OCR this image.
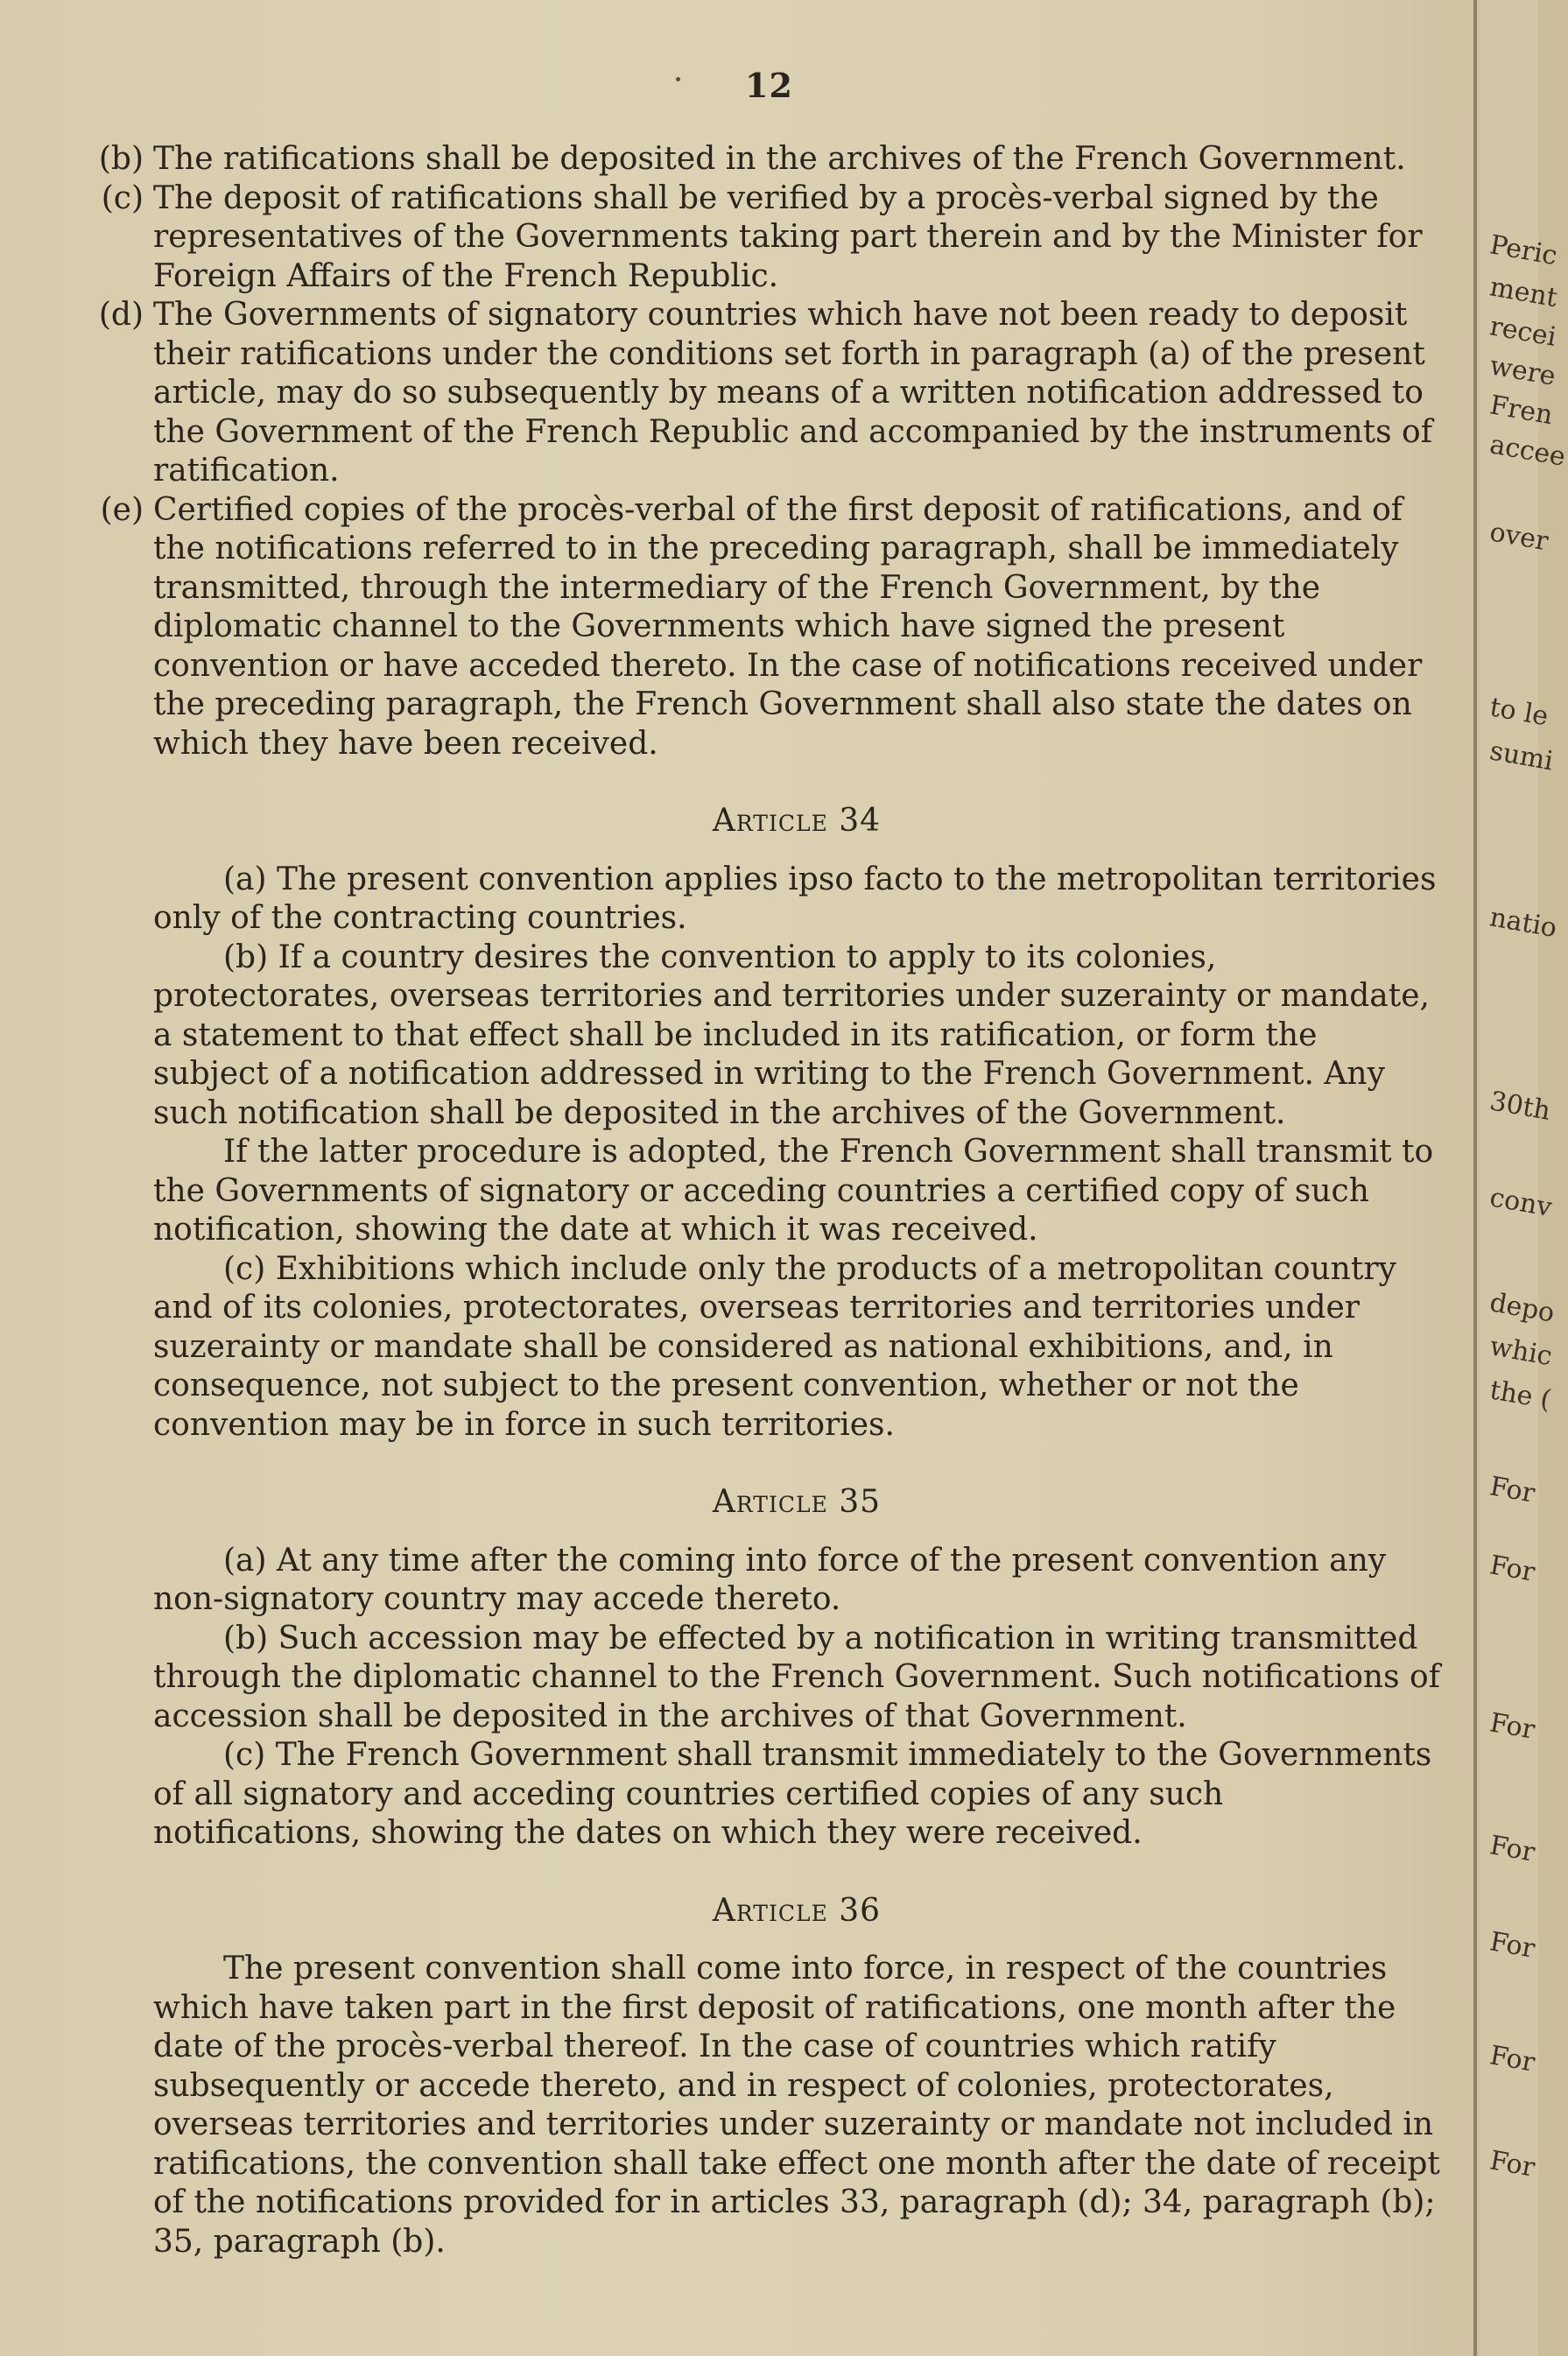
12

(b) The ratifications shall be deposited in the archives of the French Government.

(c) The deposit of ratifications shall be verified by a procès-verbal signed by the representatives of the Governments taking part therein and by the Minister for Foreign Affairs of the French Republic.

(d) The Governments of signatory countries which have not been ready to deposit their ratifications under the conditions set forth in paragraph (a) of the present article, may do so subsequently by means of a written notification addressed to the Government of the French Republic and accompanied by the instruments of ratification.

(e) Certified copies of the procès-verbal of the first deposit of ratifications, and of the notifications referred to in the preceding paragraph, shall be immediately transmitted, through the intermediary of the French Government, by the diplomatic channel to the Governments which have signed the present convention or have acceded thereto. In the case of notifications received under the preceding paragraph, the French Government shall also state the dates on which they have been received.

Article 34

(a) The present convention applies ipso facto to the metropolitan territories only of the contracting countries.

(b) If a country desires the convention to apply to its colonies, protectorates, overseas territories and territories under suzerainty or mandate, a statement to that effect shall be included in its ratification, or form the subject of a notification addressed in writing to the French Government. Any such notification shall be deposited in the archives of the Government.

If the latter procedure is adopted, the French Government shall transmit to the Governments of signatory or acceding countries a certified copy of such notification, showing the date at which it was received.

(c) Exhibitions which include only the products of a metropolitan country and of its colonies, protectorates, overseas territories and territories under suzerainty or mandate shall be considered as national exhibitions, and, in consequence, not subject to the present convention, whether or not the convention may be in force in such territories.

Article 35

(a) At any time after the coming into force of the present convention any non-signatory country may accede thereto.

(b) Such accession may be effected by a notification in writing transmitted through the diplomatic channel to the French Government. Such notifications of accession shall be deposited in the archives of that Government.

(c) The French Government shall transmit immediately to the Governments of all signatory and acceding countries certified copies of any such notifications, showing the dates on which they were received.

Article 36

The present convention shall come into force, in respect of the countries which have taken part in the first deposit of ratifications, one month after the date of the procès-verbal thereof. In the case of countries which ratify subsequently or accede thereto, and in respect of colonies, protectorates, overseas territories and territories under suzerainty or mandate not included in ratifications, the convention shall take effect one month after the date of receipt of the notifications provided for in articles 33, paragraph (d); 34, paragraph (b); 35, paragraph (b).

Peric
ment
recei
were
Fren
accee
over
to le
sumi
natio
30th
conv
depo
whic
the (
For
For
For
For
For
For
For
